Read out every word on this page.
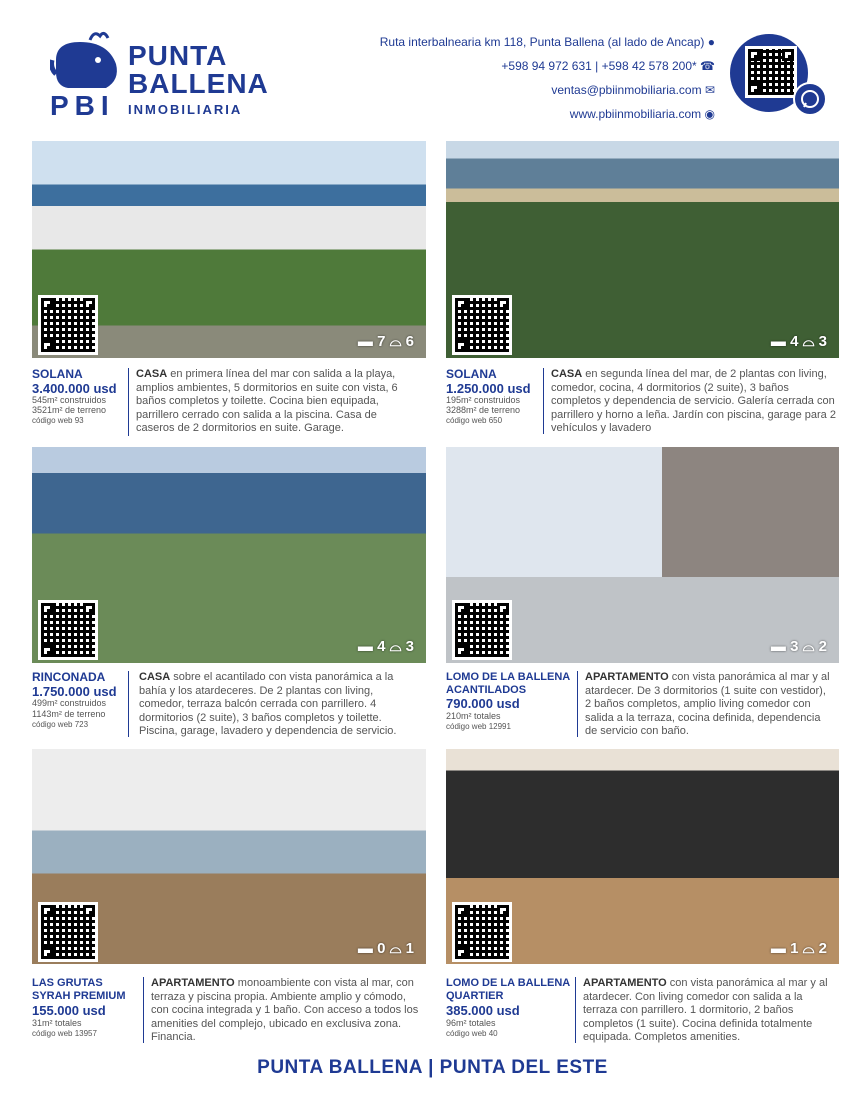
PUNTA
BALLENA
PBI INMOBILIARIA
Ruta interbalnearia km 118, Punta Ballena (al lado de Ancap) ●
+598 94 972 631 | +598 42 578 200* ☎
ventas@pbiinmobiliaria.com ✉
www.pbiinmobiliaria.com ◉
▬ 7 ⌓ 6	▬ 4 ⌓ 3
SOLANA
3.400.000 usd
545m² construidos
3521m² de terreno
código web 93
CASA en primera línea del mar con salida a la playa, amplios ambientes, 5 dormitorios en suite con vista, 6 baños completos y toilette. Cocina bien equipada, parrillero cerrado con salida a la piscina. Casa de caseros de 2 dormitorios en suite. Garage.
SOLANA
1.250.000 usd
195m² construidos
3288m² de terreno
código web 650
CASA en segunda línea del mar, de 2 plantas con living, comedor, cocina, 4 dormitorios (2 suite), 3 baños completos y dependencia de servicio. Galería cerrada con parrillero y horno a leña. Jardín con piscina, garage para 2 vehículos y lavadero
▬ 4 ⌓ 3	▬ 3 ⌓ 2
RINCONADA
1.750.000 usd
499m² construidos
1143m² de terreno
código web 723
CASA sobre el acantilado con vista panorámica a la bahía y los atardeceres. De 2 plantas con living, comedor, terraza balcón cerrada con parrillero. 4 dormitorios (2 suite), 3 baños completos y toilette. Piscina, garage, lavadero y dependencia de servicio.
LOMO DE LA BALLENA
ACANTILADOS
790.000 usd
210m² totales
código web 12991
APARTAMENTO con vista panorámica al mar y al atardecer. De 3 dormitorios (1 suite con vestidor), 2 baños completos, amplio living comedor con salida a la terraza, cocina definida, dependencia de servicio con baño.
▬ 0 ⌓ 1	▬ 1 ⌓ 2
LAS GRUTAS
SYRAH PREMIUM
155.000 usd
31m² totales
código web 13957
APARTAMENTO monoambiente con vista al mar, con terraza y piscina propia. Ambiente amplio y cómodo, con cocina integrada y 1 baño. Con acceso a todos los amenities del complejo, ubicado en exclusiva zona. Financia.
LOMO DE LA BALLENA
QUARTIER
385.000 usd
96m² totales
código web 40
APARTAMENTO con vista panorámica al mar y al atardecer. Con living comedor con salida a la terraza con parrillero. 1 dormitorio, 2 baños completos (1 suite). Cocina definida totalmente equipada. Completos amenities.
PUNTA BALLENA | PUNTA DEL ESTE
